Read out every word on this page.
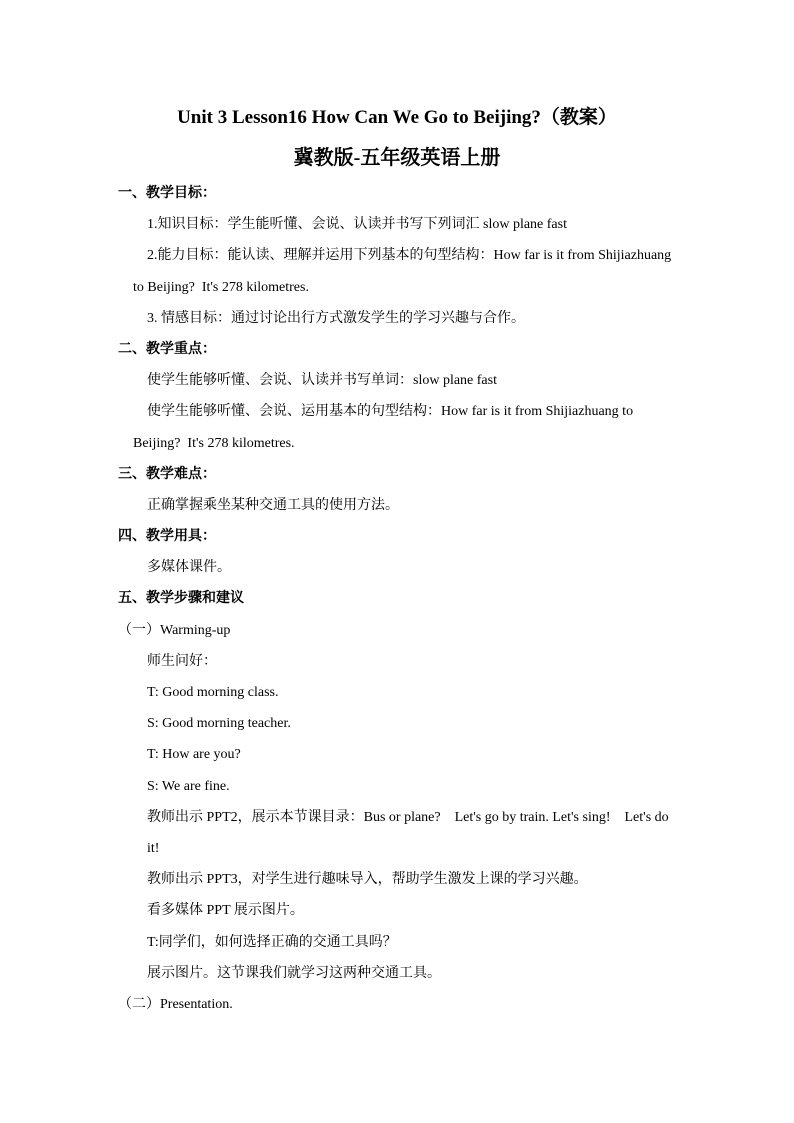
Unit 3 Lesson16 How Can We Go to Beijing?（教案）
冀教版-五年级英语上册
一、教学目标：
1.知识目标：学生能听懂、会说、认读并书写下列词汇 slow plane fast
2.能力目标：能认读、理解并运用下列基本的句型结构：How far is it from Shijiazhuang
to Beijing?  It's 278 kilometres.
3. 情感目标：通过讨论出行方式激发学生的学习兴趣与合作。
二、教学重点：
使学生能够听懂、会说、认读并书写单词：slow plane fast
使学生能够听懂、会说、运用基本的句型结构：How far is it from Shijiazhuang to
Beijing?  It's 278 kilometres.
三、教学难点：
正确掌握乘坐某种交通工具的使用方法。
四、教学用具：
多媒体课件。
五、教学步骤和建议
（一）Warming-up
师生问好：
T: Good morning class.
S: Good morning teacher.
T: How are you?
S: We are fine.
教师出示 PPT2，展示本节课目录：Bus or plane?    Let's go by train. Let's sing!    Let's do
it!
教师出示 PPT3，对学生进行趣味导入，帮助学生激发上课的学习兴趣。
看多媒体 PPT 展示图片。
T:同学们，如何选择正确的交通工具吗？
展示图片。这节课我们就学习这两种交通工具。
（二）Presentation.
